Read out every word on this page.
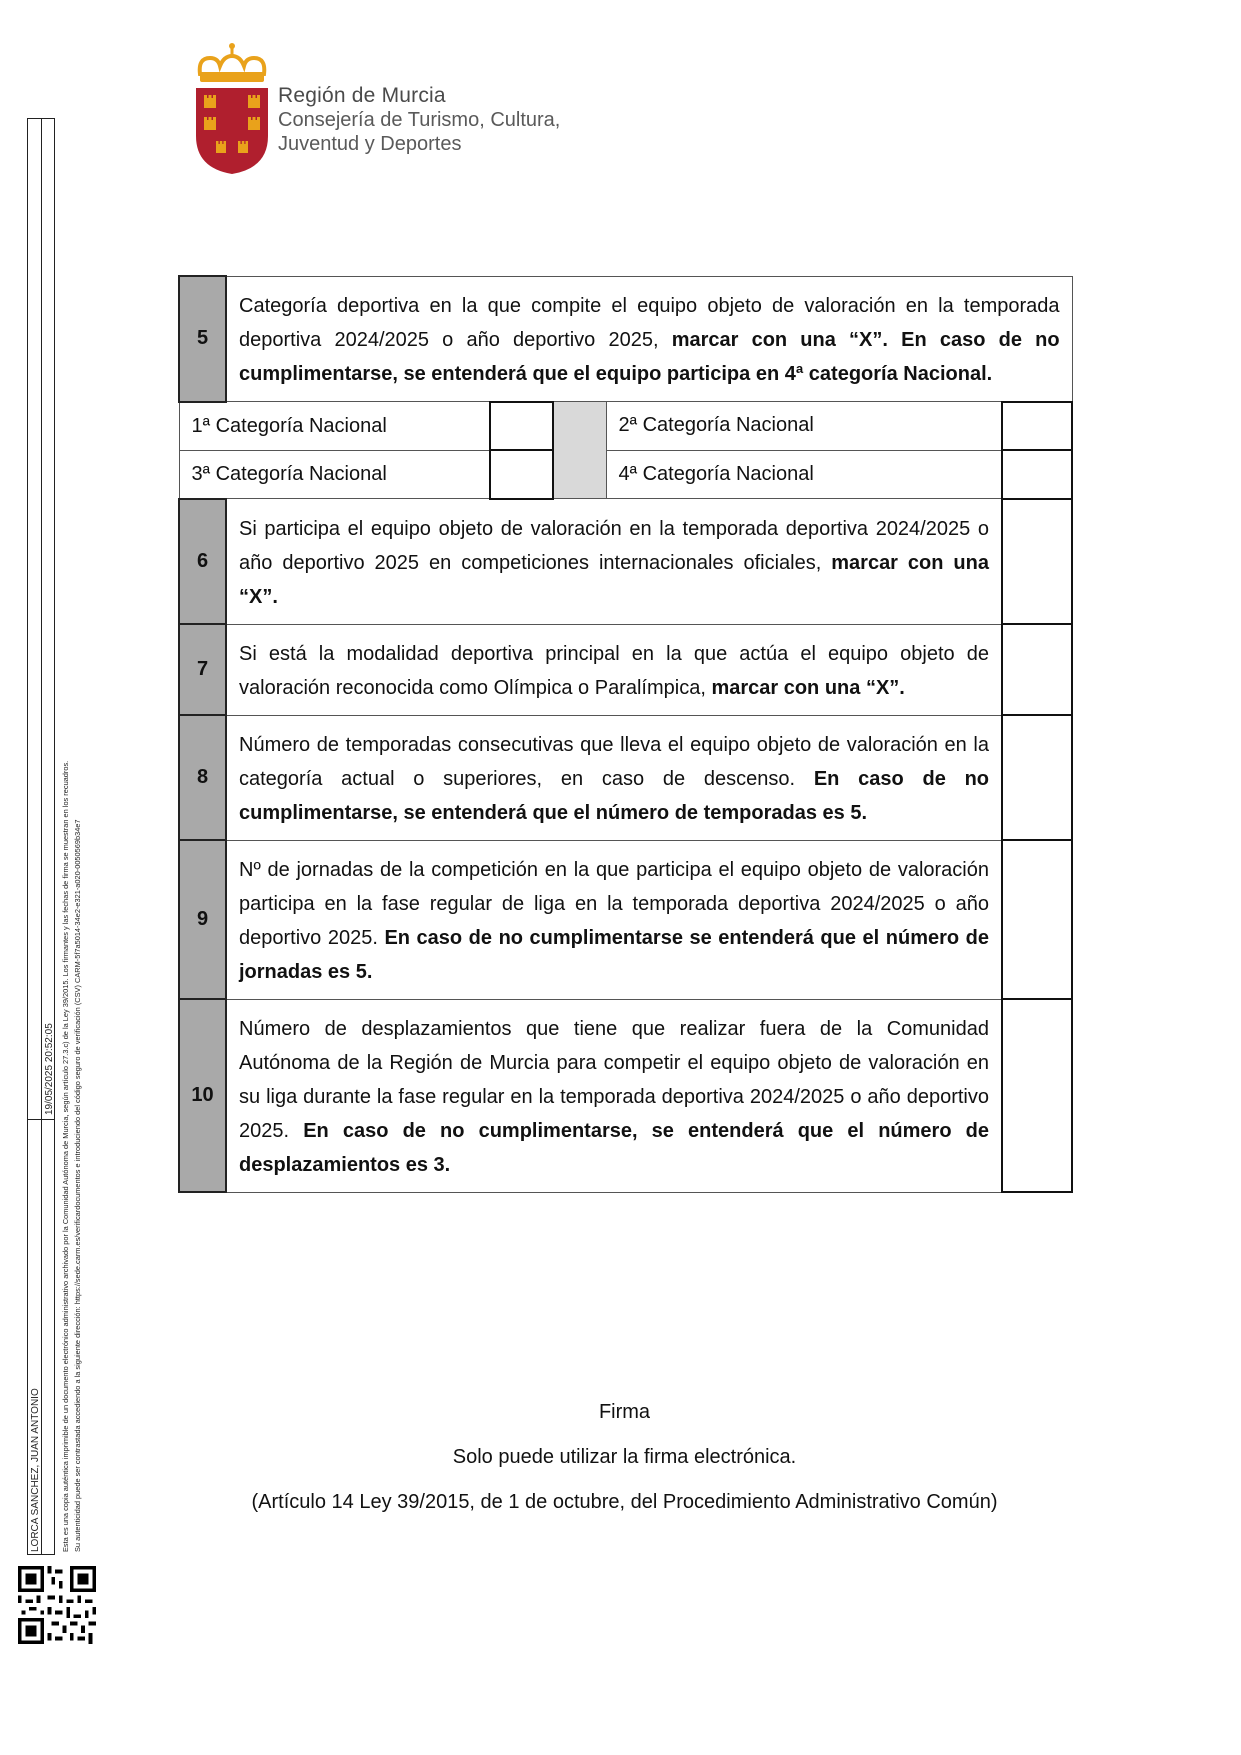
Región de Murcia
Consejería de Turismo, Cultura,
Juventud y Deportes
LORCA SANCHEZ, JUAN ANTONIO
19/05/2025 20:52:05 Esta es una copia auténtica imprimible de un documento electrónico administrativo archivado por la Comunidad Autónoma de Murcia, según artículo 27.3.c) de la Ley 39/2015. Los firmantes y las fechas de firma se muestran en los recuadros. Su autenticidad puede ser contrastada accediendo a la siguiente dirección: https://sede.carm.es/verificardocumentos e introduciendo del código seguro de verificación (CSV) CARM-5f7a5014-34e2-e321-a020-0050569b34e7
5	Categoría deportiva en la que compite el equipo objeto de valoración en la temporada deportiva 2024/2025 o año deportivo 2025, marcar con una “X”. En caso de no cumplimentarse, se entenderá que el equipo participa en 4ª categoría Nacional.				
1ª Categoría Nacional				2ª Categoría Nacional	
3ª Categoría Nacional				4ª Categoría Nacional	
6	Si participa el equipo objeto de valoración en la temporada deportiva 2024/2025 o año deportivo 2025 en competiciones internacionales oficiales, marcar con una “X”.				
7	Si está la modalidad deportiva principal en la que actúa el equipo objeto de valoración reconocida como Olímpica o Paralímpica, marcar con una “X”.				
8	Número de temporadas consecutivas que lleva el equipo objeto de valoración en la categoría actual o superiores, en caso de descenso. En caso de no cumplimentarse, se entenderá que el número de temporadas es 5.				
9	Nº de jornadas de la competición en la que participa el equipo objeto de valoración participa en la fase regular de liga en la temporada deportiva 2024/2025 o año deportivo 2025. En caso de no cumplimentarse se entenderá que el número de jornadas es 5.				
10	Número de desplazamientos que tiene que realizar fuera de la Comunidad Autónoma de la Región de Murcia para competir el equipo objeto de valoración en su liga durante la fase regular en la temporada deportiva 2024/2025 o año deportivo 2025. En caso de no cumplimentarse, se entenderá que el número de desplazamientos es 3.				
Firma
Solo puede utilizar la firma electrónica.
(Artículo 14 Ley 39/2015, de 1 de octubre, del Procedimiento Administrativo Común)
